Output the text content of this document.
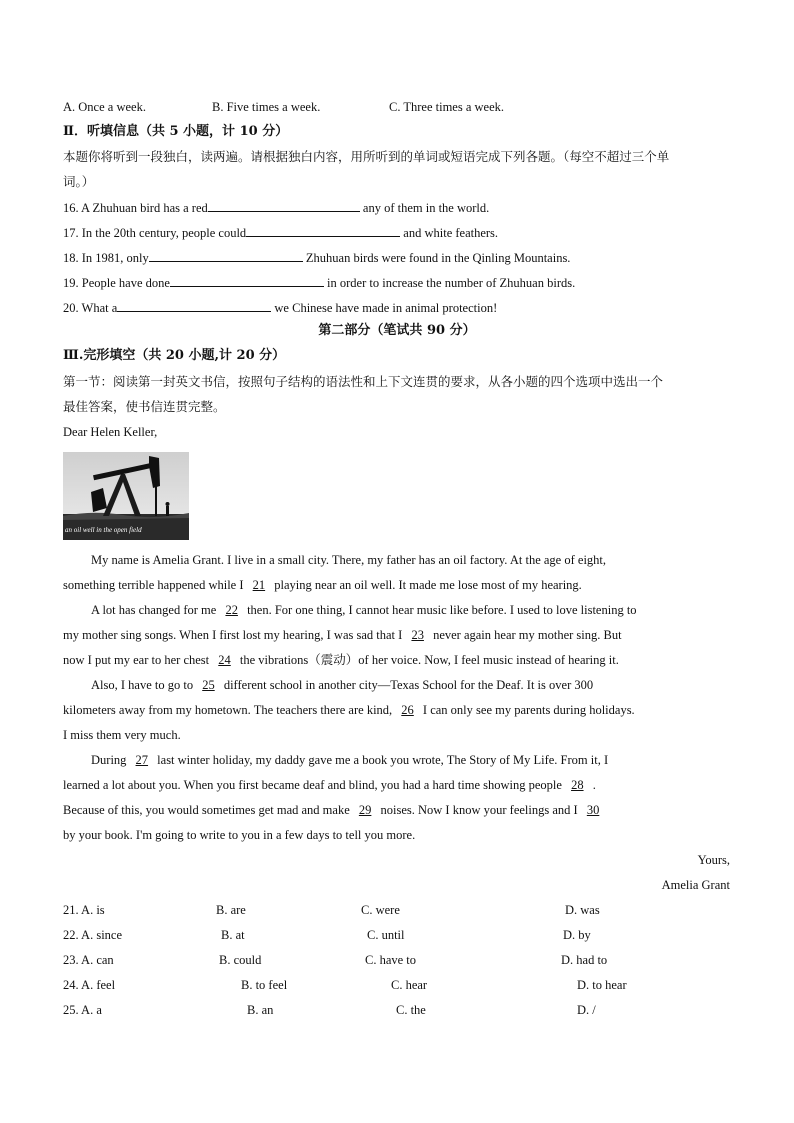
A. Once a week.	B. Five times a week.	C. Three times a week.
Ⅱ．听填信息（共 5 小题，计 10 分）
本题你将听到一段独白，读两遍。请根据独白内容，用所听到的单词或短语完成下列各题。（每空不超过三个单
词。）
16. A Zhuhuan bird has a red	any of them in the world.
17. In the 20th century, people could	and white feathers.
18. In 1981, only	Zhuhuan birds were found in the Qinling Mountains.
19. People have done	in order to increase the number of Zhuhuan birds.
20. What a	we Chinese have made in animal protection!
第二部分（笔试共 90 分）
Ⅲ.完形填空（共 20 小题,计 20 分）
第一节：阅读第一封英文书信，按照句子结构的语法性和上下文连贯的要求，从各小题的四个选项中选出一个
最佳答案，使书信连贯完整。
Dear Helen Keller,
an oil well in the open field
My name is Amelia Grant. I live in a small city. There, my father has an oil factory. At the age of eight,
something terrible happened while I 21 playing near an oil well. It made me lose most of my hearing.
A lot has changed for me 22 then. For one thing, I cannot hear music like before. I used to love listening to
my mother sing songs. When I first lost my hearing, I was sad that I 23 never again hear my mother sing. But
now I put my ear to her chest 24 the vibrations（震动）of her voice. Now, I feel music instead of hearing it.
Also, I have to go to 25 different school in another city—Texas School for the Deaf. It is over 300
kilometers away from my hometown. The teachers there are kind, 26 I can only see my parents during holidays.
I miss them very much.
During 27 last winter holiday, my daddy gave me a book you wrote, The Story of My Life. From it, I
learned a lot about you. When you first became deaf and blind, you had a hard time showing people 28 .
Because of this, you would sometimes get mad and make 29 noises. Now I know your feelings and I 30
by your book. I'm going to write to you in a few days to tell you more.
Yours,
Amelia Grant
21. A. is	B. are	C. were	D. was
22. A. since	B. at	C. until	D. by
23. A. can	B. could	C. have to	D. had to
24. A. feel	B. to feel	C. hear	D. to hear
25. A. a	B. an	C. the	D. /
